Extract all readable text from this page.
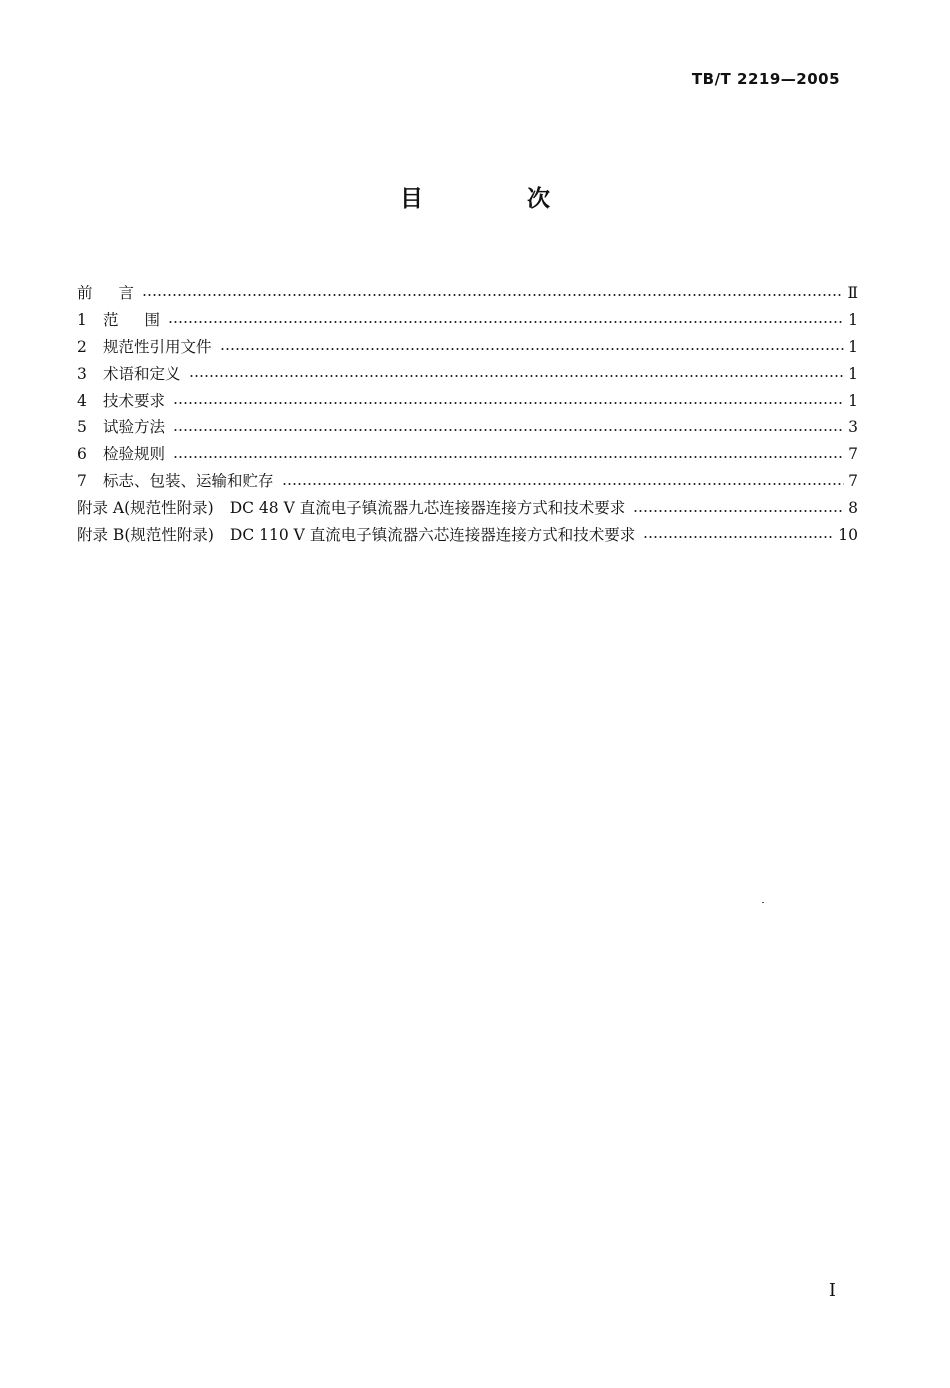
TB/T 2219—2005
目 次
前言	Ⅱ
1	范围	1
2	规范性引用文件	1
3	术语和定义	1
4	技术要求	1
5	试验方法	3
6	检验规则	7
7	标志、包装、运输和贮存	7
附录 A(规范性附录) DC 48 V 直流电子镇流器九芯连接器连接方式和技术要求	8
附录 B(规范性附录) DC 110 V 直流电子镇流器六芯连接器连接方式和技术要求	10
Ⅰ
